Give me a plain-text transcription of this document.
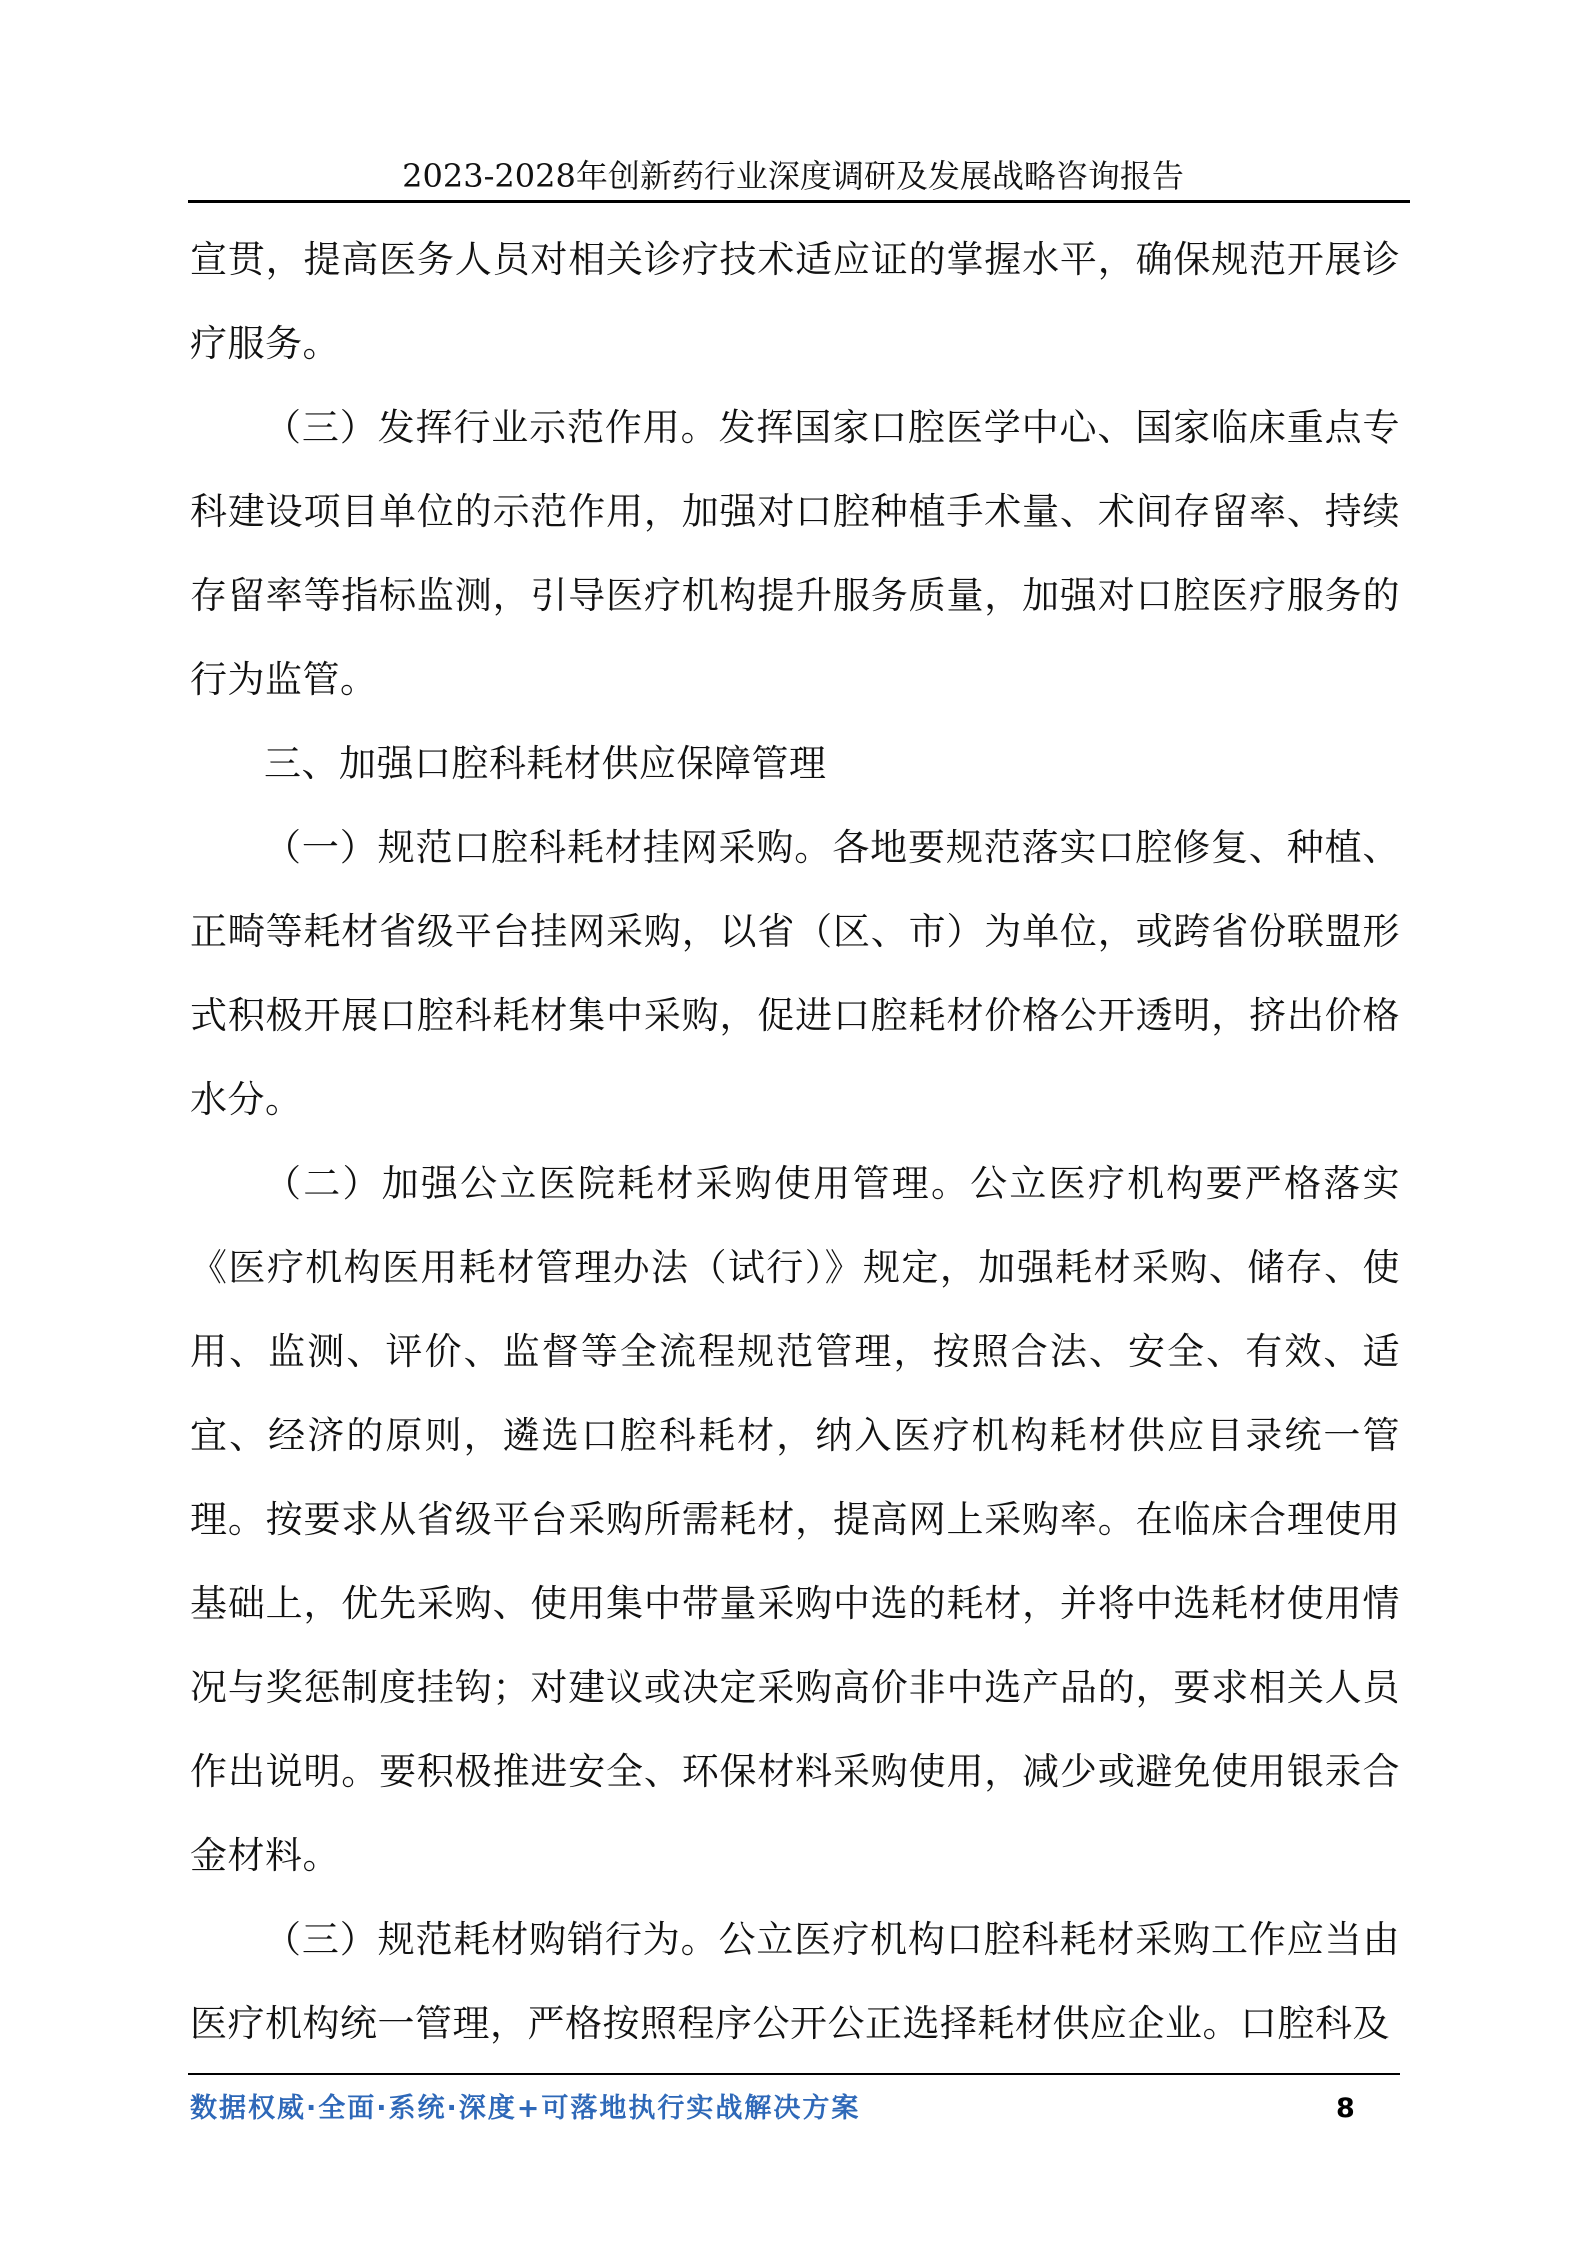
2023-2028年创新药行业深度调研及发展战略咨询报告

宣贯，提高医务人员对相关诊疗技术适应证的掌握水平，确保规范开展诊疗服务。

（三）发挥行业示范作用。发挥国家口腔医学中心、国家临床重点专科建设项目单位的示范作用，加强对口腔种植手术量、术间存留率、持续存留率等指标监测，引导医疗机构提升服务质量，加强对口腔医疗服务的行为监管。

三、加强口腔科耗材供应保障管理

（一）规范口腔科耗材挂网采购。各地要规范落实口腔修复、种植、正畸等耗材省级平台挂网采购，以省（区、市）为单位，或跨省份联盟形式积极开展口腔科耗材集中采购，促进口腔耗材价格公开透明，挤出价格水分。

（二）加强公立医院耗材采购使用管理。公立医疗机构要严格落实《医疗机构医用耗材管理办法（试行）》规定，加强耗材采购、储存、使用、监测、评价、监督等全流程规范管理，按照合法、安全、有效、适宜、经济的原则，遴选口腔科耗材，纳入医疗机构耗材供应目录统一管理。按要求从省级平台采购所需耗材，提高网上采购率。在临床合理使用基础上，优先采购、使用集中带量采购中选的耗材，并将中选耗材使用情况与奖惩制度挂钩；对建议或决定采购高价非中选产品的，要求相关人员作出说明。要积极推进安全、环保材料采购使用，减少或避免使用银汞合金材料。

（三）规范耗材购销行为。公立医疗机构口腔科耗材采购工作应当由医疗机构统一管理，严格按照程序公开公正选择耗材供应企业。口腔科及

数据权威·全面·系统·深度+可落地执行实战解决方案	8
